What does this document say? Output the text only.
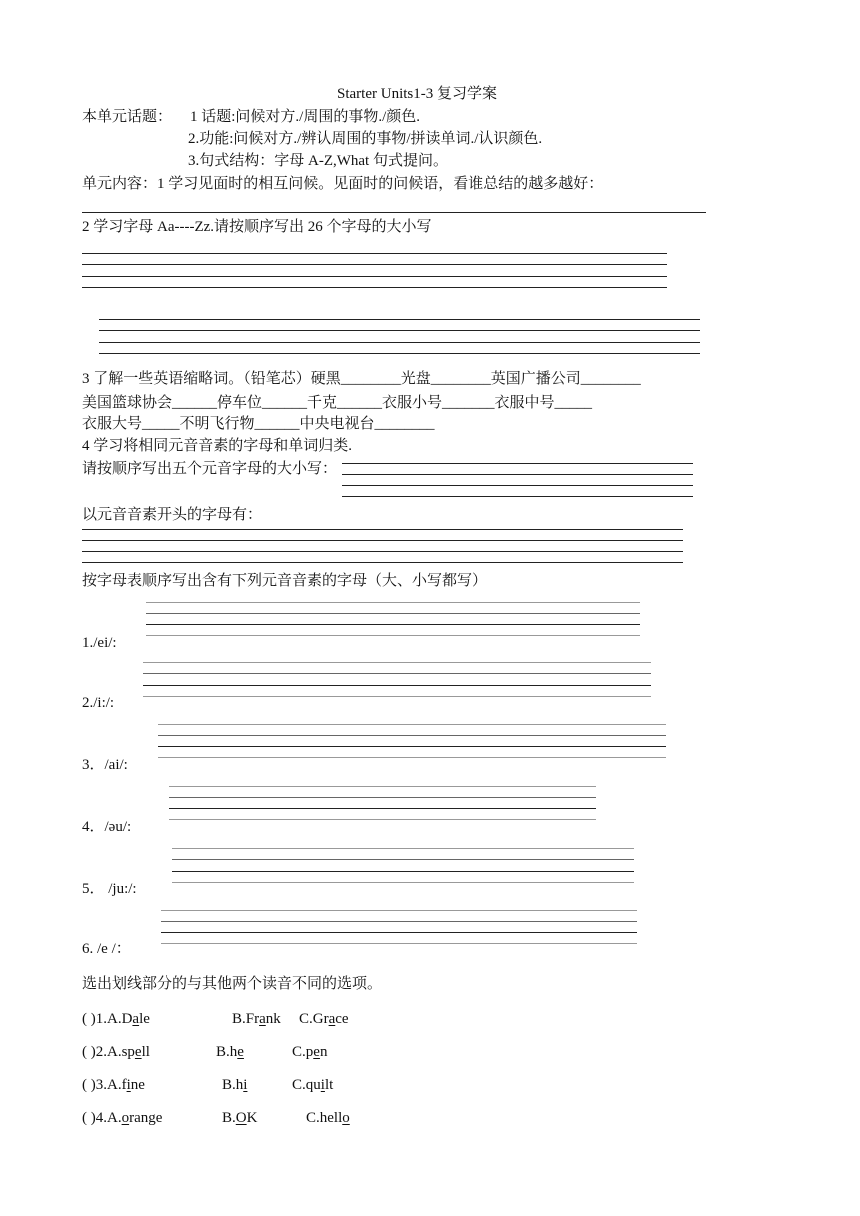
Starter Units1-3 复习学案
本单元话题： 1 话题:问候对方./周围的事物./颜色.
2.功能:问候对方./辨认周围的事物/拼读单词./认识颜色.
3.句式结构：字母 A-Z,What 句式提问。
单元内容：1 学习见面时的相互问候。见面时的问候语，看谁总结的越多越好：
2 学习字母 Aa----Zz.请按顺序写出 26 个字母的大小写
3 了解一些英语缩略词。（铅笔芯）硬黑________光盘________英国广播公司________
美国篮球协会______停车位______千克______衣服小号_______衣服中号_____
衣服大号_____不明飞行物______中央电视台________
4 学习将相同元音音素的字母和单词归类.
请按顺序写出五个元音字母的大小写：
以元音音素开头的字母有：
按字母表顺序写出含有下列元音音素的字母（大、小写都写）
1./ei/:
2./i:/:
3．/ai/:
4．/əu/:
5． /ju:/:
6. /e /：
选出划线部分的与其他两个读音不同的选项。
( )1.A.Dale	B.Frank C.Grace
( )2.A.spell	B.he	C.pen
( )3.A.fine	B.hi	C.quilt
( )4.A.orange	B.OK	C.hello
